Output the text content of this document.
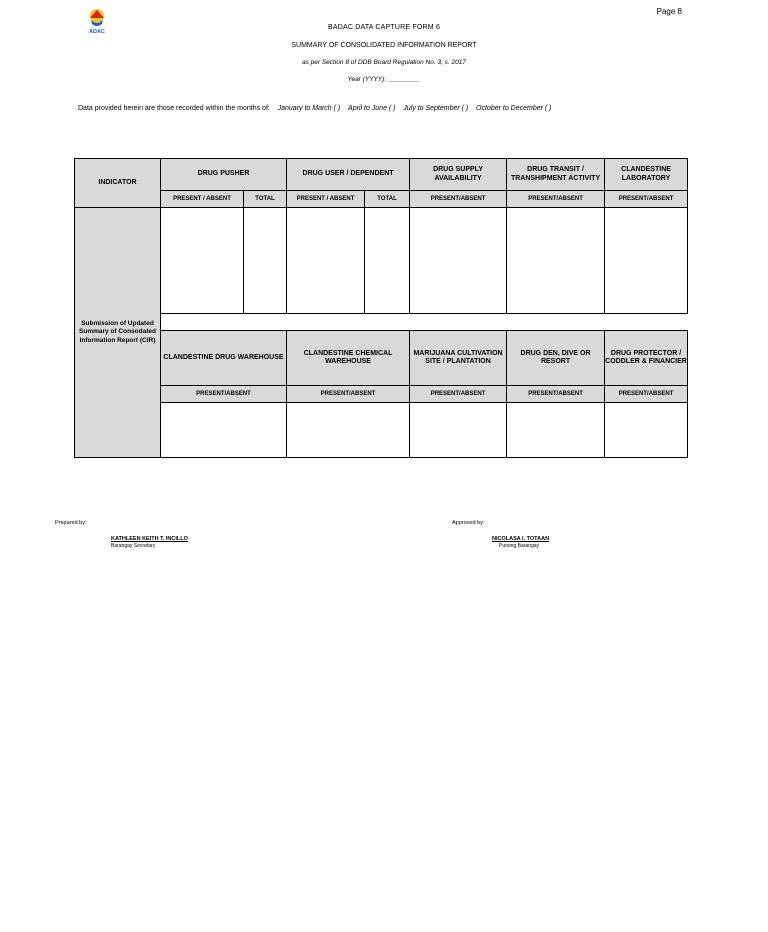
Page 8
ADAC
BADAC DATA CAPTURE FORM 6
SUMMARY OF CONSOLIDATED INFORMATION REPORT
as per Section 8 of DDB Board Regulation No. 3, s. 2017
Year (YYYY): _________
Data provided herein are those recorded within the months of: January to March ( ) April to June ( ) July to September ( ) October to December ( )
INDICATOR	DRUG PUSHER		DRUG USER / DEPENDENT		DRUG SUPPLY AVAILABILITY	DRUG TRANSIT / TRANSHIPMENT ACTIVITY	CLANDESTINE LABORATORY
	PRESENT / ABSENT	TOTAL	PRESENT / ABSENT	TOTAL	PRESENT/ABSENT	PRESENT/ABSENT	PRESENT/ABSENT
Submission of Updated Summary of Consodated Information Report (CIR)							

	CLANDESTINE DRUG WAREHOUSE		CLANDESTINE CHEMICAL WAREHOUSE		MARIJUANA CULTIVATION SITE / PLANTATION	DRUG DEN, DIVE OR RESORT	DRUG PROTECTOR / CODDLER & FINANCIER
	PRESENT/ABSENT		PRESENT/ABSENT		PRESENT/ABSENT	PRESENT/ABSENT	PRESENT/ABSENT

Prepared by:
KATHLEEN KEITH T. INCILLO
Barangay Secretary
Approved by:
NICOLASA I. TOTAAN
Punong Barangay
